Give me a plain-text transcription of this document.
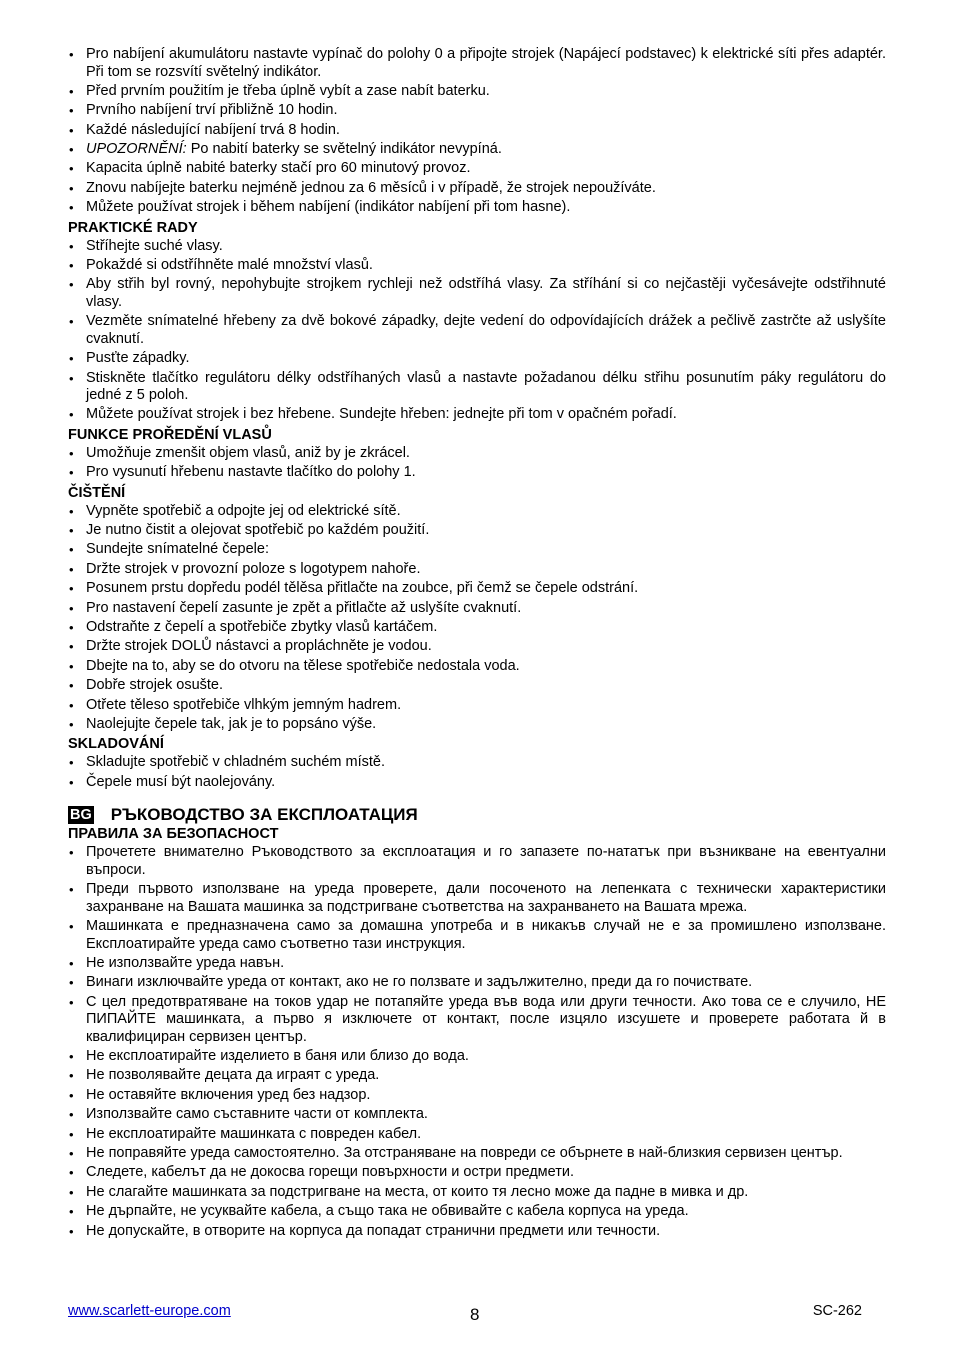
• Pro nabíjení akumulátoru nastavte vypínač do polohy 0 a připojte strojek (Napájecí podstavec) k elektrické síti přes adaptér. Při tom se rozsvítí světelný indikátor.
• Před prvním použitím je třeba úplně vybít a zase nabít baterku.
• Prvního nabíjení trví přibližně 10 hodin.
• Každé následující nabíjení trvá 8 hodin.
• UPOZORNĚNÍ: Po nabití baterky se světelný indikátor nevypíná.
• Kapacita úplně nabité baterky stačí pro 60 minutový provoz.
• Znovu nabíjejte baterku nejméně jednou za 6 měsíců i v případě, že strojek nepoužíváte.
• Můžete používat strojek i během nabíjení (indikátor nabíjení při tom hasne).
PRAKTICKÉ RADY
• Stříhejte suché vlasy.
• Pokaždé si odstříhněte malé množství vlasů.
• Aby střih byl rovný, nepohybujte strojkem rychleji než odstříhá vlasy. Za stříhání si co nejčastěji vyčesávejte odstřihnuté vlasy.
• Vezměte snímatelné hřebeny za dvě bokové západky, dejte vedení do odpovídajících drážek a pečlivě zastrčte až uslyšíte cvaknutí.
• Pusťte západky.
• Stiskněte tlačítko regulátoru délky odstříhaných vlasů a nastavte požadanou délku střihu posunutím páky regulátoru do jedné z 5 poloh.
• Můžete používat strojek i bez hřebene. Sundejte hřeben: jednejte při tom v opačném pořadí.
FUNKCE PROŘEDĚNÍ VLASŮ
• Umožňuje zmenšit objem vlasů, aniž by je zkrácel.
• Pro vysunutí hřebenu nastavte tlačítko do polohy 1.
ČIŠTĚNÍ
• Vypněte spotřebič a odpojte jej od elektrické sítě.
• Je nutno čistit a olejovat spotřebič po každém použití.
• Sundejte snímatelné čepele:
• Držte strojek v provozní poloze s logotypem nahoře.
• Posunem prstu dopředu podél tělěsa přitlačte na zoubce, při čemž se čepele odstrání.
• Pro nastavení čepelí zasunte je zpět a přitlačte až uslyšíte cvaknutí.
• Odstraňte z čepelí a spotřebiče zbytky vlasů kartáčem.
• Držte strojek DOLŮ nástavci a propláchněte je vodou.
• Dbejte na to, aby se do otvoru na tělese spotřebiče nedostala voda.
• Dobře strojek osušte.
• Otřete těleso spotřebiče vlhkým jemným hadrem.
• Naolejujte čepele tak, jak je to popsáno výše.
SKLADOVÁNÍ
• Skladujte spotřebič v chladném suchém místě.
• Čepele musí být naolejovány.
BG РЪКОВОДСТВО ЗА ЕКСПЛОАТАЦИЯ
ПРАВИЛА ЗА БЕЗОПАСНОСТ
• Прочетете внимателно Ръководството за експлоатация и го запазете по-нататък при възникване на евентуални въпроси.
• Преди първото използване на уреда проверете, дали посоченото на лепенката с технически характеристики захранване на Вашата машинка за подстригване съответства на захранването на Вашата мрежа.
• Машинката е предназначена само за домашна употреба и в никакъв случай не е за промишлено използване. Експлоатирайте уреда само съответно тази инструкция.
• Не използвайте уреда навън.
• Винаги изключвайте уреда от контакт, ако не го ползвате и задължително, преди да го почиствате.
• С цел предотвратяване на токов удар не потапяйте уреда във вода или други течности. Ако това се е случило, НЕ ПИПАЙТЕ машинката, а първо я изключете от контакт, после изцяло изсушете и проверете работата й в квалифициран сервизен център.
• Не експлоатирайте изделието в баня или близо до вода.
• Не позволявайте децата да играят с уреда.
• Не оставяйте включения уред без надзор.
• Използвайте само съставните части от комплекта.
• Не експлоатирайте машинката с повреден кабел.
• Не поправяйте уреда самостоятелно. За отстраняване на повреди се обърнете в най-близкия сервизен център.
• Следете, кабелът да не докосва горещи повърхности и остри предмети.
• Не слагайте машинката за подстригване на места, от които тя лесно може да падне в мивка и др.
• Не дърпайте, не усуквайте кабела, а също така не обвивайте с кабела корпуса на уреда.
• Не допускайте, в отворите на корпуса да попадат странични предмети или течности.
www.scarlett-europe.com	8	SC-262
